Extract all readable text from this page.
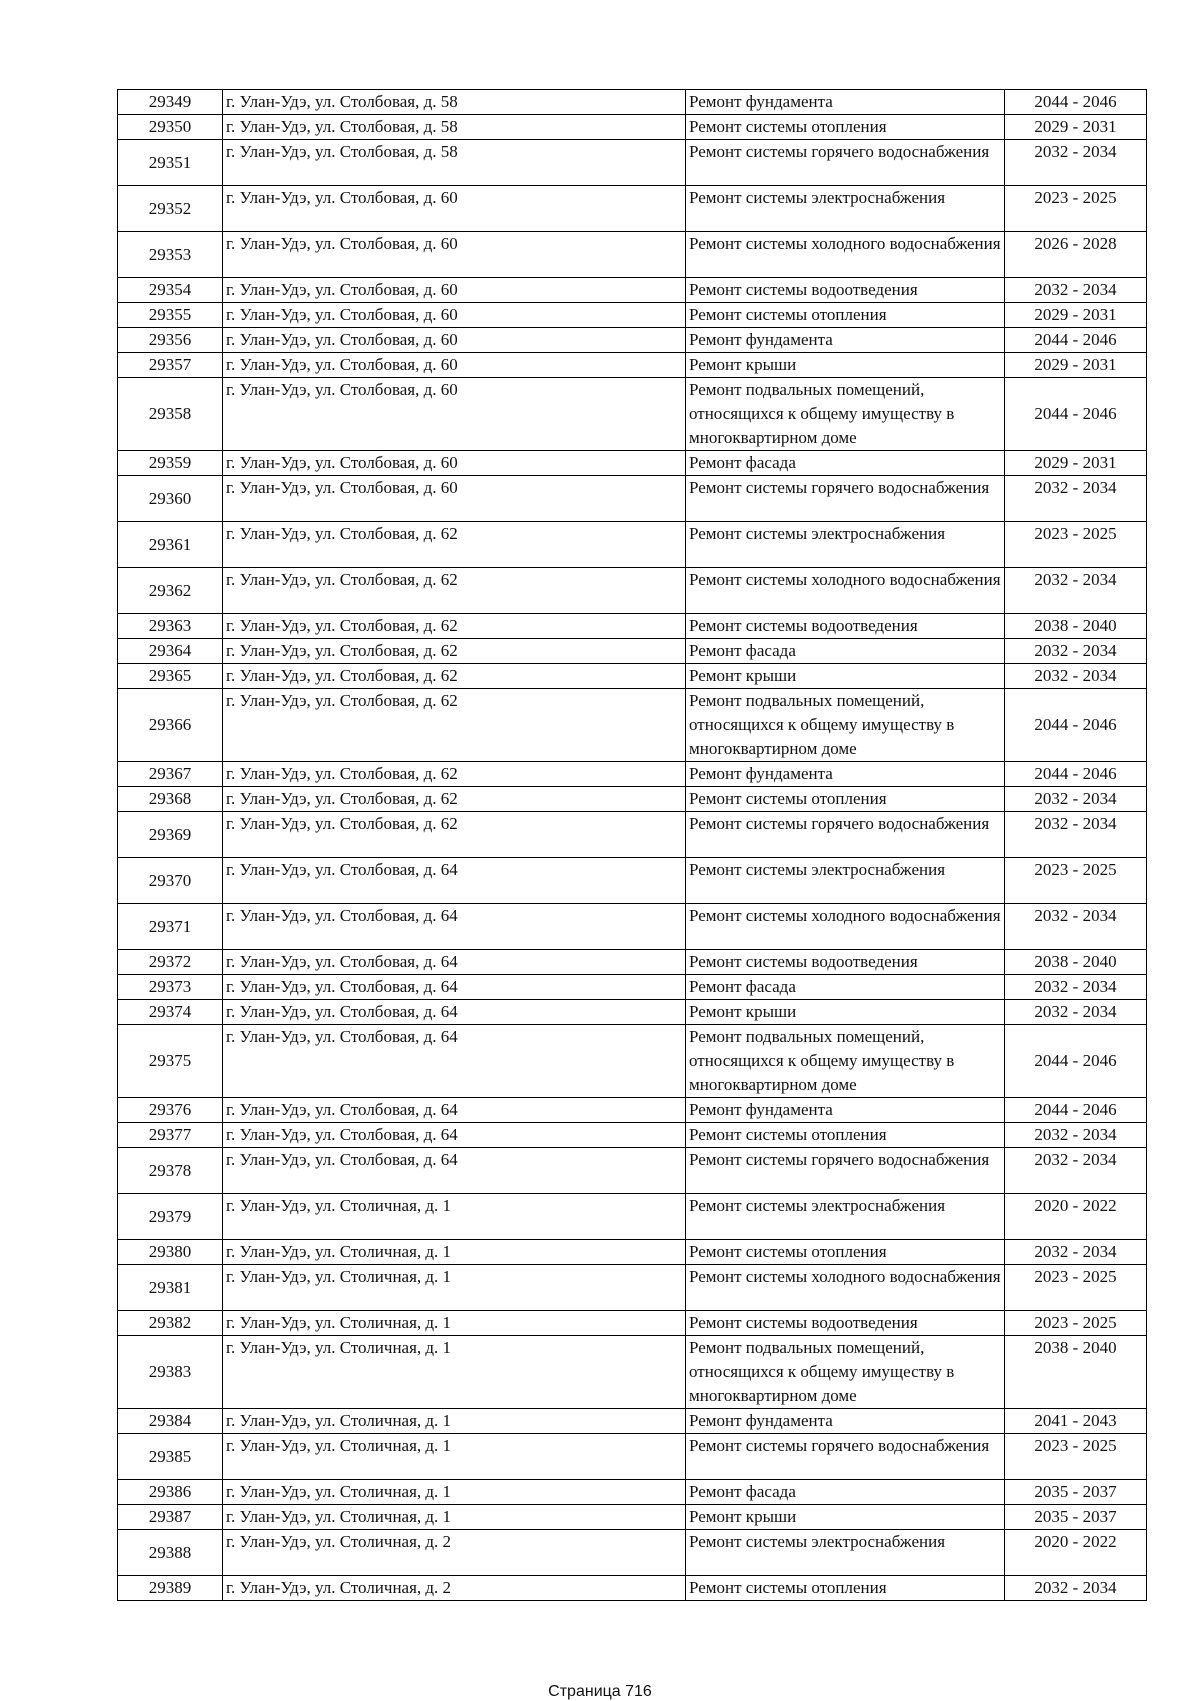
29349	г. Улан-Удэ, ул. Столбовая, д. 58	Ремонт фундамента	2044 - 2046
29350	г. Улан-Удэ, ул. Столбовая, д. 58	Ремонт системы отопления	2029 - 2031
29351	г. Улан-Удэ, ул. Столбовая, д. 58	Ремонт системы горячего водоснабжения	2032 - 2034
29352	г. Улан-Удэ, ул. Столбовая, д. 60	Ремонт системы электроснабжения	2023 - 2025
29353	г. Улан-Удэ, ул. Столбовая, д. 60	Ремонт системы холодного водоснабжения	2026 - 2028
29354	г. Улан-Удэ, ул. Столбовая, д. 60	Ремонт системы водоотведения	2032 - 2034
29355	г. Улан-Удэ, ул. Столбовая, д. 60	Ремонт системы отопления	2029 - 2031
29356	г. Улан-Удэ, ул. Столбовая, д. 60	Ремонт фундамента	2044 - 2046
29357	г. Улан-Удэ, ул. Столбовая, д. 60	Ремонт крыши	2029 - 2031
29358	г. Улан-Удэ, ул. Столбовая, д. 60	Ремонт подвальных помещений, относящихся к общему имуществу в многоквартирном доме	2044 - 2046
29359	г. Улан-Удэ, ул. Столбовая, д. 60	Ремонт фасада	2029 - 2031
29360	г. Улан-Удэ, ул. Столбовая, д. 60	Ремонт системы горячего водоснабжения	2032 - 2034
29361	г. Улан-Удэ, ул. Столбовая, д. 62	Ремонт системы электроснабжения	2023 - 2025
29362	г. Улан-Удэ, ул. Столбовая, д. 62	Ремонт системы холодного водоснабжения	2032 - 2034
29363	г. Улан-Удэ, ул. Столбовая, д. 62	Ремонт системы водоотведения	2038 - 2040
29364	г. Улан-Удэ, ул. Столбовая, д. 62	Ремонт фасада	2032 - 2034
29365	г. Улан-Удэ, ул. Столбовая, д. 62	Ремонт крыши	2032 - 2034
29366	г. Улан-Удэ, ул. Столбовая, д. 62	Ремонт подвальных помещений, относящихся к общему имуществу в многоквартирном доме	2044 - 2046
29367	г. Улан-Удэ, ул. Столбовая, д. 62	Ремонт фундамента	2044 - 2046
29368	г. Улан-Удэ, ул. Столбовая, д. 62	Ремонт системы отопления	2032 - 2034
29369	г. Улан-Удэ, ул. Столбовая, д. 62	Ремонт системы горячего водоснабжения	2032 - 2034
29370	г. Улан-Удэ, ул. Столбовая, д. 64	Ремонт системы электроснабжения	2023 - 2025
29371	г. Улан-Удэ, ул. Столбовая, д. 64	Ремонт системы холодного водоснабжения	2032 - 2034
29372	г. Улан-Удэ, ул. Столбовая, д. 64	Ремонт системы водоотведения	2038 - 2040
29373	г. Улан-Удэ, ул. Столбовая, д. 64	Ремонт фасада	2032 - 2034
29374	г. Улан-Удэ, ул. Столбовая, д. 64	Ремонт крыши	2032 - 2034
29375	г. Улан-Удэ, ул. Столбовая, д. 64	Ремонт подвальных помещений, относящихся к общему имуществу в многоквартирном доме	2044 - 2046
29376	г. Улан-Удэ, ул. Столбовая, д. 64	Ремонт фундамента	2044 - 2046
29377	г. Улан-Удэ, ул. Столбовая, д. 64	Ремонт системы отопления	2032 - 2034
29378	г. Улан-Удэ, ул. Столбовая, д. 64	Ремонт системы горячего водоснабжения	2032 - 2034
29379	г. Улан-Удэ, ул. Столичная, д. 1	Ремонт системы электроснабжения	2020 - 2022
29380	г. Улан-Удэ, ул. Столичная, д. 1	Ремонт системы отопления	2032 - 2034
29381	г. Улан-Удэ, ул. Столичная, д. 1	Ремонт системы холодного водоснабжения	2023 - 2025
29382	г. Улан-Удэ, ул. Столичная, д. 1	Ремонт системы водоотведения	2023 - 2025
29383	г. Улан-Удэ, ул. Столичная, д. 1	Ремонт подвальных помещений, относящихся к общему имуществу в многоквартирном доме	2038 - 2040
29384	г. Улан-Удэ, ул. Столичная, д. 1	Ремонт фундамента	2041 - 2043
29385	г. Улан-Удэ, ул. Столичная, д. 1	Ремонт системы горячего водоснабжения	2023 - 2025
29386	г. Улан-Удэ, ул. Столичная, д. 1	Ремонт фасада	2035 - 2037
29387	г. Улан-Удэ, ул. Столичная, д. 1	Ремонт крыши	2035 - 2037
29388	г. Улан-Удэ, ул. Столичная, д. 2	Ремонт системы электроснабжения	2020 - 2022
29389	г. Улан-Удэ, ул. Столичная, д. 2	Ремонт системы отопления	2032 - 2034
Страница 716
